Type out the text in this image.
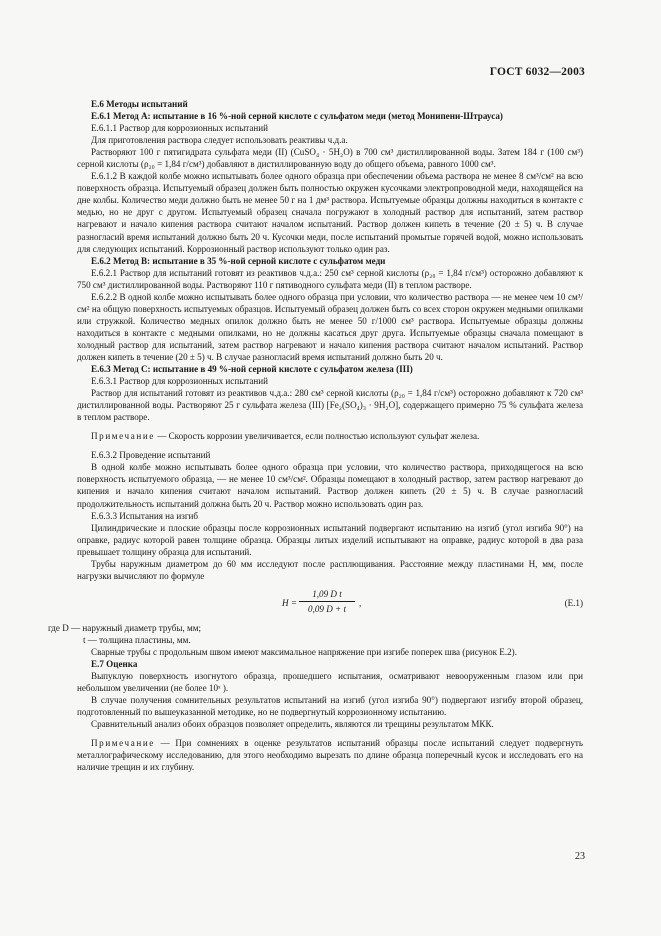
ГОСТ 6032—2003

Е.6 Методы испытаний

Е.6.1 Метод А: испытание в 16 %-ной серной кислоте с сульфатом меди (метод Монипени-Штрауса)

Е.6.1.1 Раствор для коррозионных испытаний

Для приготовления раствора следует использовать реактивы ч.д.а.

Растворяют 100 г пятигидрата сульфата меди (II) (CuSO₄ · 5H₂O) в 700 см³ дистиллированной воды. Затем 184 г (100 см³) серной кислоты (ρ₂₀ = 1,84 г/см³) добавляют в дистиллированную воду до общего объема, равного 1000 см³.

Е.6.1.2 В каждой колбе можно испытывать более одного образца при обеспечении объема раствора не менее 8 см³/см² на всю поверхность образца. Испытуемый образец должен быть полностью окружен кусочками электропроводной меди, находящейся на дне колбы. Количество меди должно быть не менее 50 г на 1 дм³ раствора. Испытуемые образцы должны находиться в контакте с медью, но не друг с другом. Испытуемый образец сначала погружают в холодный раствор для испытаний, затем раствор нагревают и начало кипения раствора считают началом испытаний. Раствор должен кипеть в течение (20 ± 5) ч. В случае разногласий время испытаний должно быть 20 ч. Кусочки меди, после испытаний промытые горячей водой, можно использовать для следующих испытаний. Коррозионный раствор используют только один раз.

Е.6.2 Метод В: испытание в 35 %-ной серной кислоте с сульфатом меди

Е.6.2.1 Раствор для испытаний готовят из реактивов ч.д.а.: 250 см³ серной кислоты (ρ₂₀ = 1,84 г/см³) осторожно добавляют к 750 см³ дистиллированной воды. Растворяют 110 г пятиводного сульфата меди (II) в теплом растворе.

Е.6.2.2 В одной колбе можно испытывать более одного образца при условии, что количество раствора — не менее чем 10 см³/см² на общую поверхность испытуемых образцов. Испытуемый образец должен быть со всех сторон окружен медными опилками или стружкой. Количество медных опилок должно быть не менее 50 г/1000 см³ раствора. Испытуемые образцы должны находиться в контакте с медными опилками, но не должны касаться друг друга. Испытуемые образцы сначала помещают в холодный раствор для испытаний, затем раствор нагревают и начало кипения раствора считают началом испытаний. Раствор должен кипеть в течение (20 ± 5) ч. В случае разногласий время испытаний должно быть 20 ч.

Е.6.3 Метод С: испытание в 49 %-ной серной кислоте с сульфатом железа (III)

Е.6.3.1 Раствор для коррозионных испытаний

Раствор для испытаний готовят из реактивов ч.д.а.: 280 см³ серной кислоты (ρ₂₀ = 1,84 г/см³) осторожно добавляют к 720 см³ дистиллированной воды. Растворяют 25 г сульфата железа (III) [Fe₂(SO₄)₃ · 9H₂O], содержащего примерно 75 % сульфата железа в теплом растворе.

Примечание — Скорость коррозии увеличивается, если полностью используют сульфат железа.

Е.6.3.2 Проведение испытаний

В одной колбе можно испытывать более одного образца при условии, что количество раствора, приходящегося на всю поверхность испытуемого образца, — не менее 10 см³/см². Образцы помещают в холодный раствор, затем раствор нагревают до кипения и начало кипения считают началом испытаний. Раствор должен кипеть (20 ± 5) ч. В случае разногласий продолжительность испытаний должна быть 20 ч. Раствор можно использовать один раз.

Е.6.3.3 Испытания на изгиб

Цилиндрические и плоские образцы после коррозионных испытаний подвергают испытанию на изгиб (угол изгиба 90°) на оправке, радиус которой равен толщине образца. Образцы литых изделий испытывают на оправке, радиус которой в два раза превышает толщину образца для испытаний.

Трубы наружным диаметром до 60 мм исследуют после расплющивания. Расстояние между пластинами H, мм, после нагрузки вычисляют по формуле

$H = \frac{\text{1,09 D t}}{0,09 D + t}$ ,	(Е.1)

где D — наружный диаметр трубы, мм;

t — толщина пластины, мм.

Сварные трубы с продольным швом имеют максимальное напряжение при изгибе поперек шва (рисунок Е.2).

Е.7 Оценка

Выпуклую поверхность изогнутого образца, прошедшего испытания, осматривают невооруженным глазом или при небольшом увеличении (не более 10ˣ ).

В случае получения сомнительных результатов испытаний на изгиб (угол изгиба 90°) подвергают изгибу второй образец, подготовленный по вышеуказанной методике, но не подвергнутый коррозионному испытанию.

Сравнительный анализ обоих образцов позволяет определить, являются ли трещины результатом МКК.

Примечание — При сомнениях в оценке результатов испытаний образцы после испытаний следует подвергнуть металлографическому исследованию, для этого необходимо вырезать по длине образца поперечный кусок и исследовать его на наличие трещин и их глубину.

23
